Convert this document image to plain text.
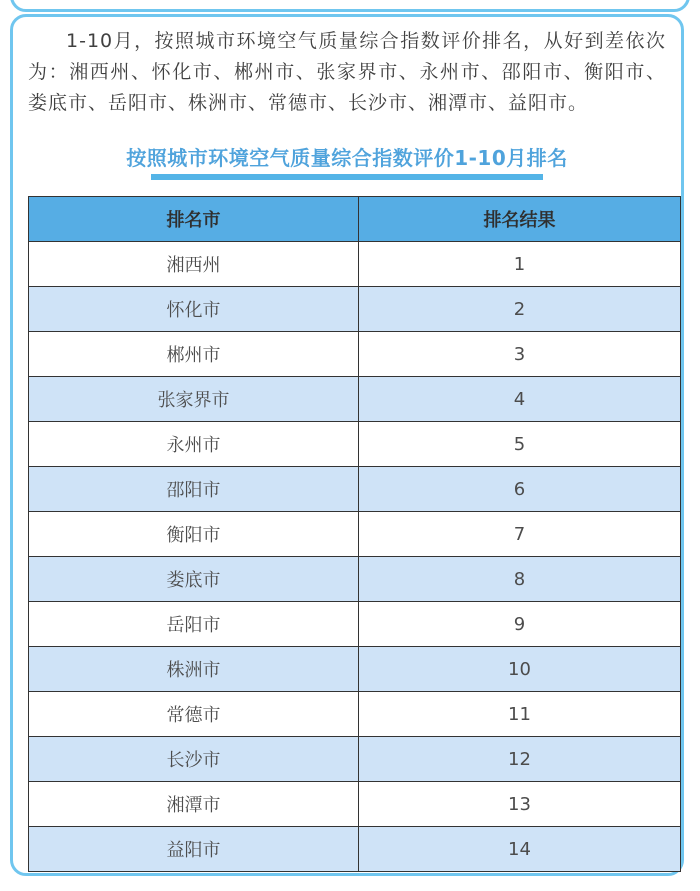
1-10月，按照城市环境空气质量综合指数评价排名，从好到差依次为：湘西州、怀化市、郴州市、张家界市、永州市、邵阳市、衡阳市、娄底市、岳阳市、株洲市、常德市、长沙市、湘潭市、益阳市。

按照城市环境空气质量综合指数评价1-10月排名
排名市	排名结果
湘西州	1
怀化市	2
郴州市	3
张家界市	4
永州市	5
邵阳市	6
衡阳市	7
娄底市	8
岳阳市	9
株洲市	10
常德市	11
长沙市	12
湘潭市	13
益阳市	14
